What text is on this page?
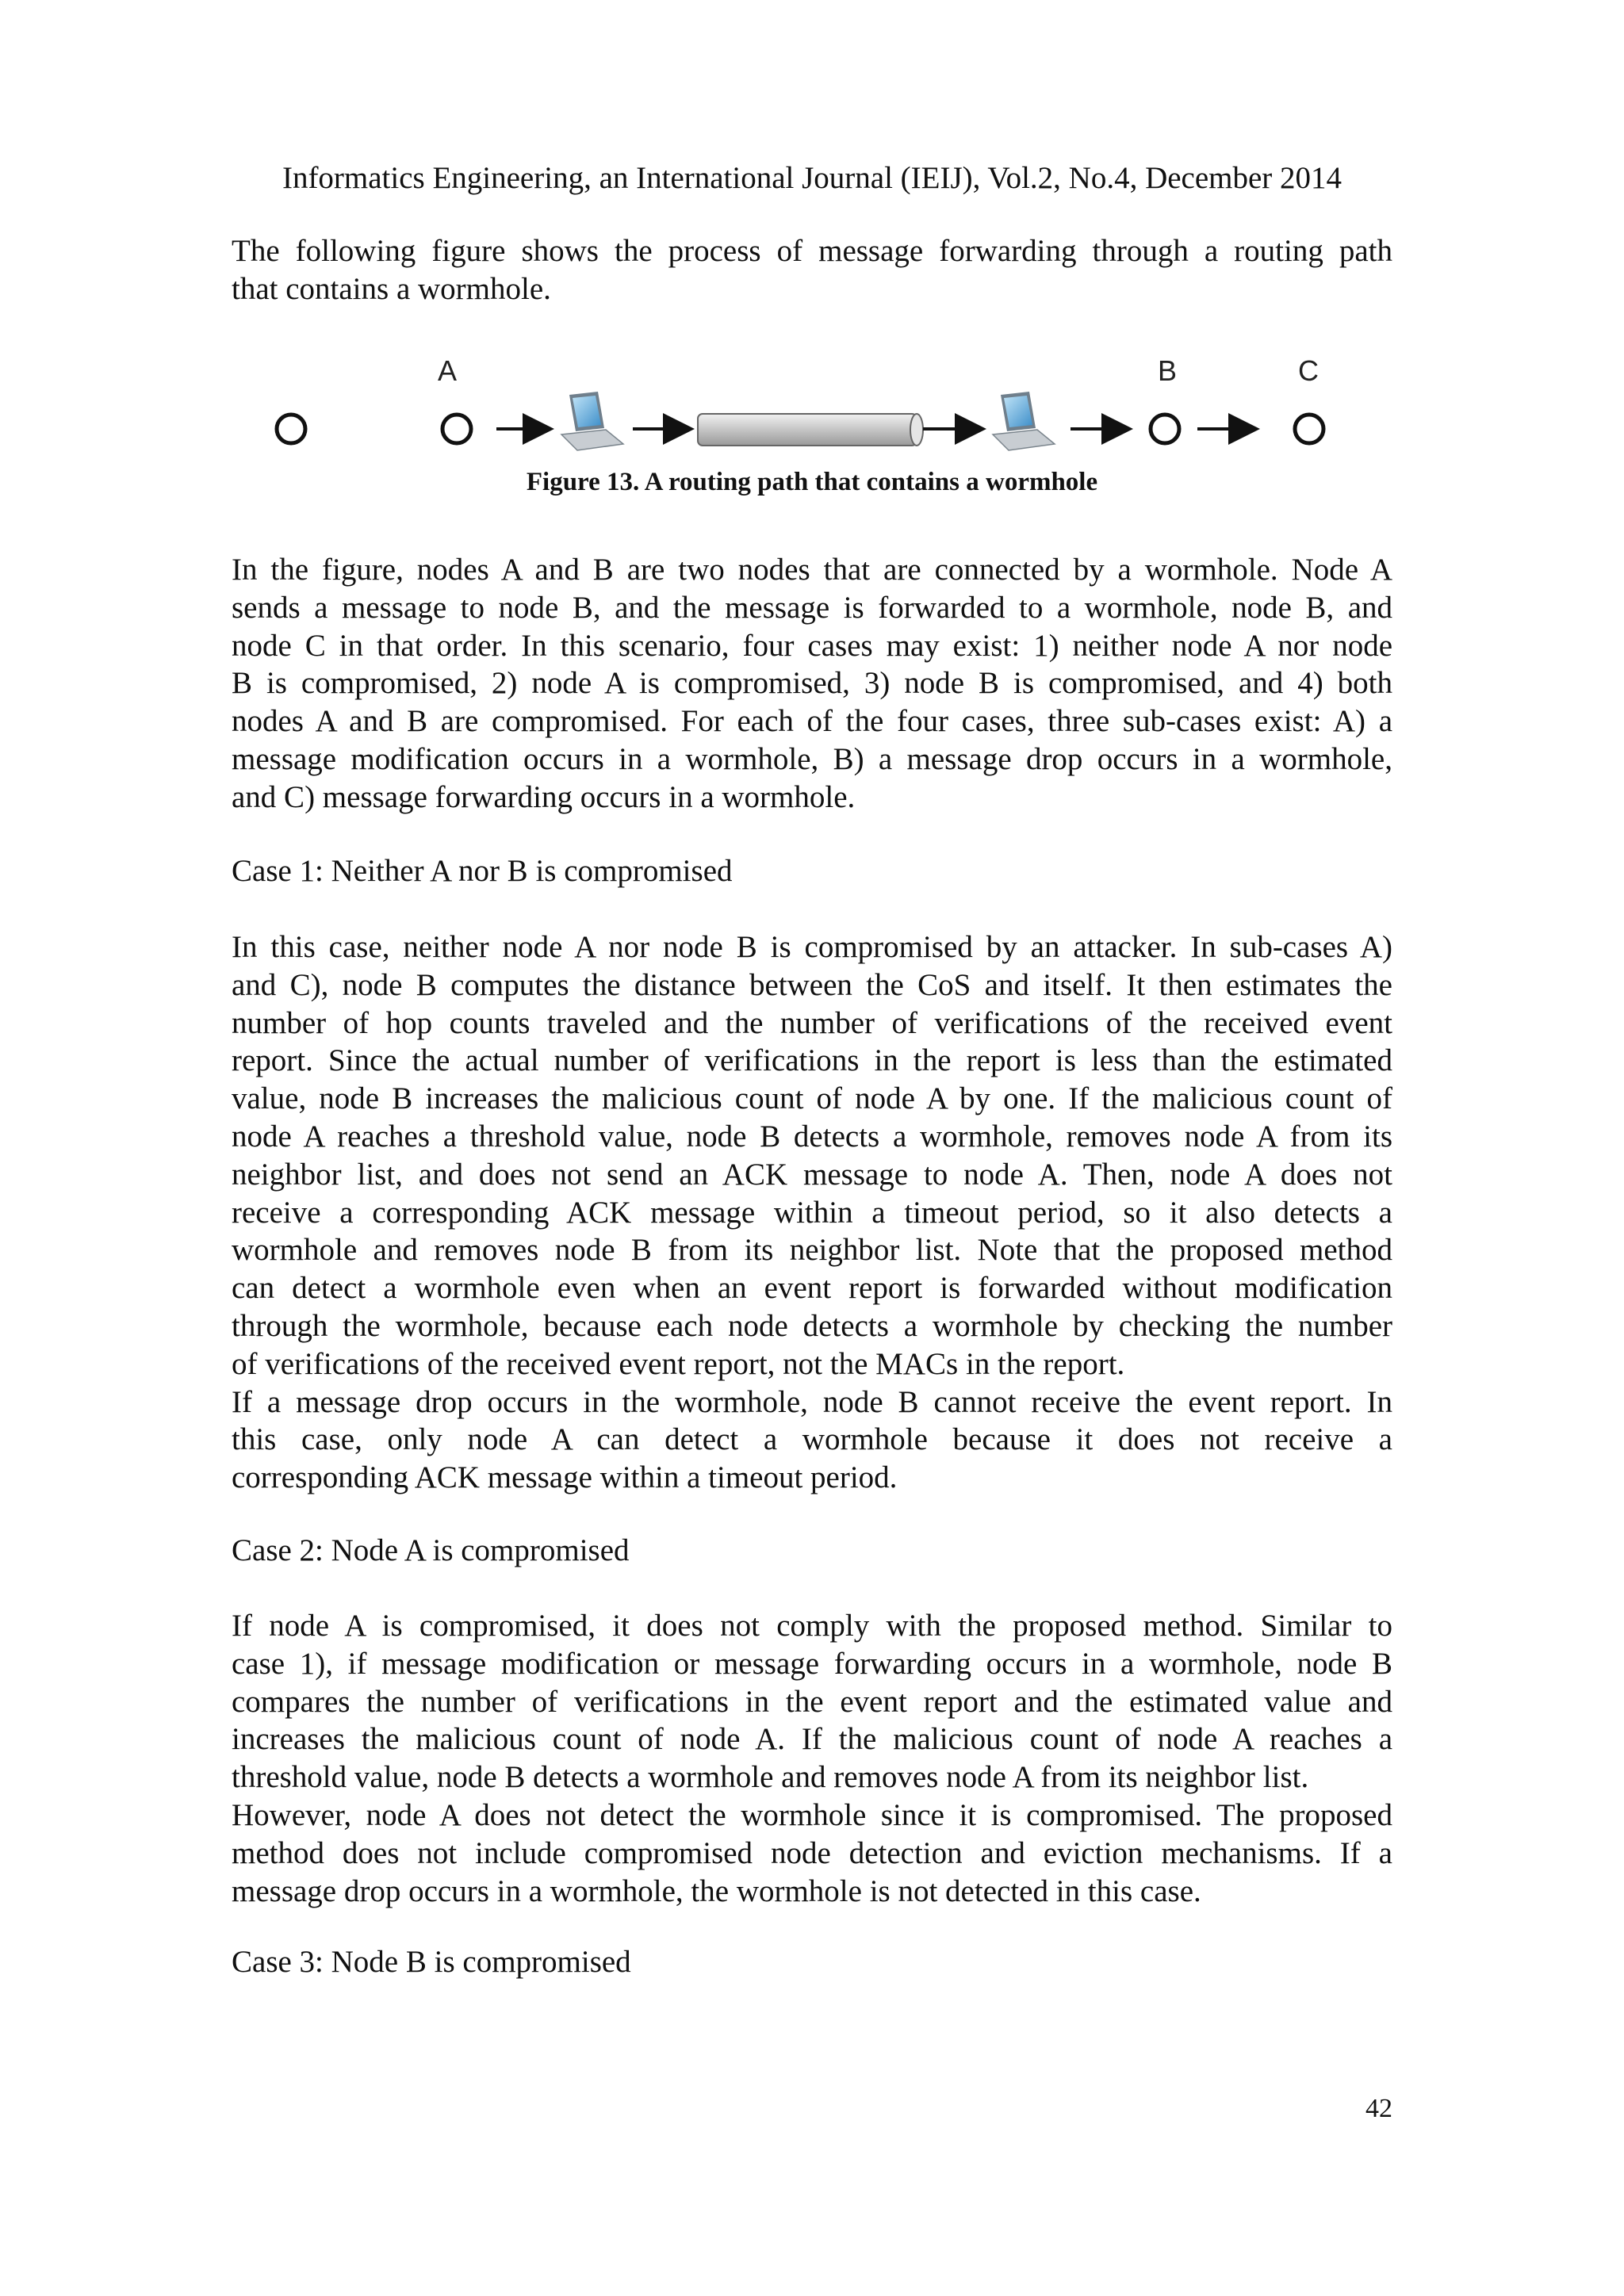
Informatics Engineering, an International Journal (IEIJ), Vol.2, No.4, December 2014
The following figure shows the process of message forwarding through a routing path
that contains a wormhole.
A	B	C
Figure 13. A routing path that contains a wormhole
In the figure, nodes A and B are two nodes that are connected by a wormhole. Node A
sends a message to node B, and the message is forwarded to a wormhole, node B, and
node C in that order. In this scenario, four cases may exist: 1) neither node A nor node
B is compromised, 2) node A is compromised, 3) node B is compromised, and 4) both
nodes A and B are compromised. For each of the four cases, three sub-cases exist: A) a
message modification occurs in a wormhole, B) a message drop occurs in a wormhole,
and C) message forwarding occurs in a wormhole.
Case 1: Neither A nor B is compromised
In this case, neither node A nor node B is compromised by an attacker. In sub-cases A)
and C), node B computes the distance between the CoS and itself. It then estimates the
number of hop counts traveled and the number of verifications of the received event
report. Since the actual number of verifications in the report is less than the estimated
value, node B increases the malicious count of node A by one. If the malicious count of
node A reaches a threshold value, node B detects a wormhole, removes node A from its
neighbor list, and does not send an ACK message to node A. Then, node A does not
receive a corresponding ACK message within a timeout period, so it also detects a
wormhole and removes node B from its neighbor list. Note that the proposed method
can detect a wormhole even when an event report is forwarded without modification
through the wormhole, because each node detects a wormhole by checking the number
of verifications of the received event report, not the MACs in the report.
If a message drop occurs in the wormhole, node B cannot receive the event report. In
this case, only node A can detect a wormhole because it does not receive a
corresponding ACK message within a timeout period.
Case 2: Node A is compromised
If node A is compromised, it does not comply with the proposed method. Similar to
case 1), if message modification or message forwarding occurs in a wormhole, node B
compares the number of verifications in the event report and the estimated value and
increases the malicious count of node A. If the malicious count of node A reaches a
threshold value, node B detects a wormhole and removes node A from its neighbor list.
However, node A does not detect the wormhole since it is compromised. The proposed
method does not include compromised node detection and eviction mechanisms. If a
message drop occurs in a wormhole, the wormhole is not detected in this case.
Case 3: Node B is compromised
42
